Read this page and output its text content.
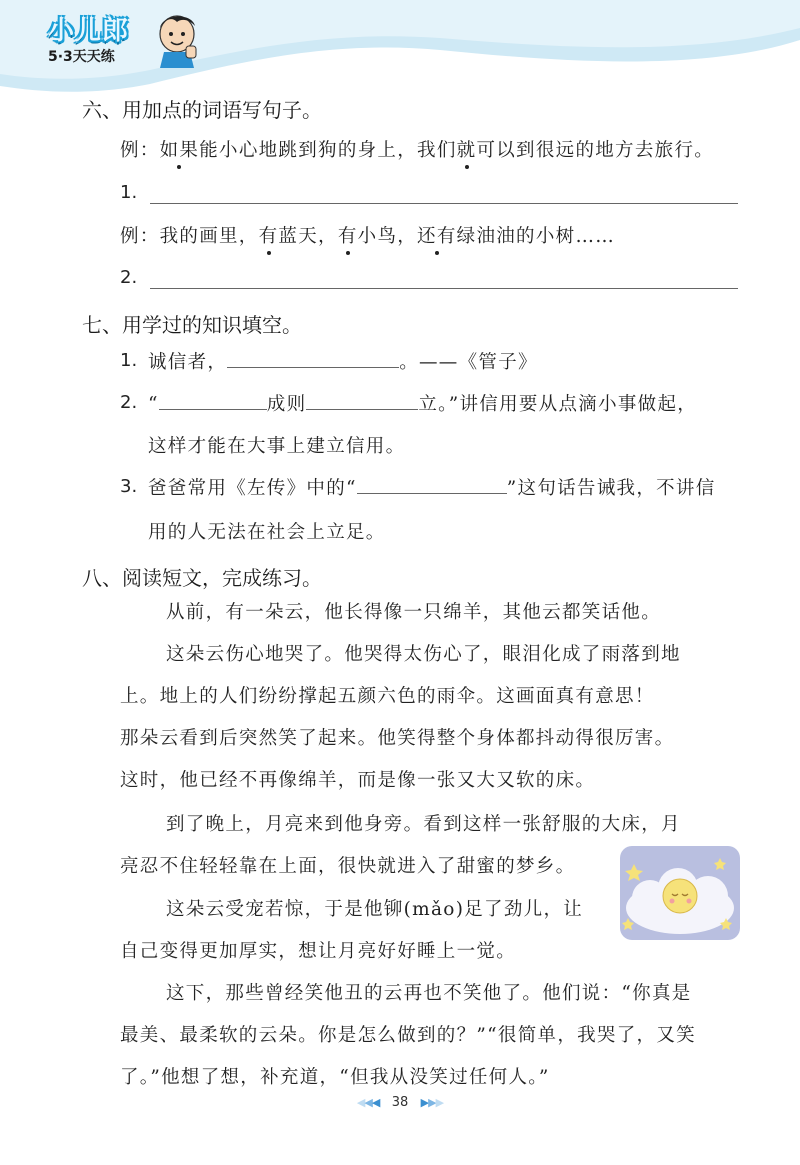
小儿郎
5·3天天练
六、用加点的词语写句子。
例：如果能小心地跳到狗的身上，我们就可以到很远的地方去旅行。
1.
例：我的画里，有蓝天，有小鸟，还有绿油油的小树……
2.
七、用学过的知识填空。
1. 诚信者，	。——《管子》
2. “	成则	立。”讲信用要从点滴小事做起，
这样才能在大事上建立信用。
3. 爸爸常用《左传》中的“	”这句话告诫我，不讲信
用的人无法在社会上立足。
八、阅读短文，完成练习。
从前，有一朵云，他长得像一只绵羊，其他云都笑话他。
这朵云伤心地哭了。他哭得太伤心了，眼泪化成了雨落到地
上。地上的人们纷纷撑起五颜六色的雨伞。这画面真有意思！
那朵云看到后突然笑了起来。他笑得整个身体都抖动得很厉害。
这时，他已经不再像绵羊，而是像一张又大又软的床。
到了晚上，月亮来到他身旁。看到这样一张舒服的大床，月
亮忍不住轻轻靠在上面，很快就进入了甜蜜的梦乡。
这朵云受宠若惊，于是他铆(mǎo)足了劲儿，让
自己变得更加厚实，想让月亮好好睡上一觉。
这下，那些曾经笑他丑的云再也不笑他了。他们说：“你真是
最美、最柔软的云朵。你是怎么做到的？”“很简单，我哭了，又笑
了。”他想了想，补充道，“但我从没笑过任何人。”
◀◀◀ 38 ▶▶▶
